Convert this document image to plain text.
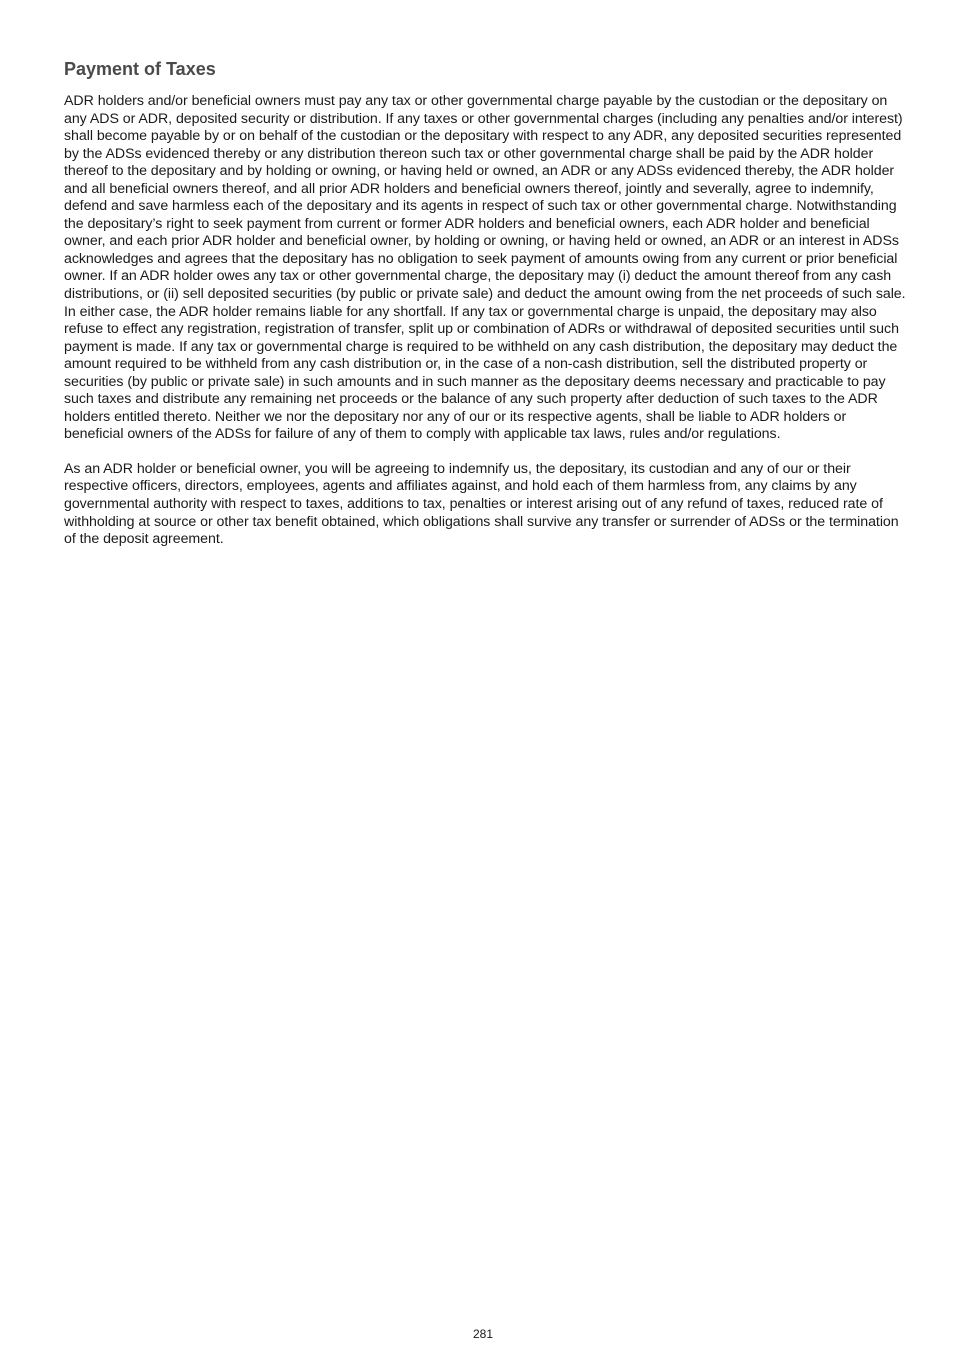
Payment of Taxes

ADR holders and/or beneficial owners must pay any tax or other governmental charge payable by the custodian or the depositary on any ADS or ADR, deposited security or distribution. If any taxes or other governmental charges (including any penalties and/or interest) shall become payable by or on behalf of the custodian or the depositary with respect to any ADR, any deposited securities represented by the ADSs evidenced thereby or any distribution thereon such tax or other governmental charge shall be paid by the ADR holder thereof to the depositary and by holding or owning, or having held or owned, an ADR or any ADSs evidenced thereby, the ADR holder and all beneficial owners thereof, and all prior ADR holders and beneficial owners thereof, jointly and severally, agree to indemnify, defend and save harmless each of the depositary and its agents in respect of such tax or other governmental charge. Notwithstanding the depositary’s right to seek payment from current or former ADR holders and beneficial owners, each ADR holder and beneficial owner, and each prior ADR holder and beneficial owner, by holding or owning, or having held or owned, an ADR or an interest in ADSs acknowledges and agrees that the depositary has no obligation to seek payment of amounts owing from any current or prior beneficial owner. If an ADR holder owes any tax or other governmental charge, the depositary may (i) deduct the amount thereof from any cash distributions, or (ii) sell deposited securities (by public or private sale) and deduct the amount owing from the net proceeds of such sale. In either case, the ADR holder remains liable for any shortfall. If any tax or governmental charge is unpaid, the depositary may also refuse to effect any registration, registration of transfer, split up or combination of ADRs or withdrawal of deposited securities until such payment is made. If any tax or governmental charge is required to be withheld on any cash distribution, the depositary may deduct the amount required to be withheld from any cash distribution or, in the case of a non-cash distribution, sell the distributed property or securities (by public or private sale) in such amounts and in such manner as the depositary deems necessary and practicable to pay such taxes and distribute any remaining net proceeds or the balance of any such property after deduction of such taxes to the ADR holders entitled thereto. Neither we nor the depositary nor any of our or its respective agents, shall be liable to ADR holders or beneficial owners of the ADSs for failure of any of them to comply with applicable tax laws, rules and/or regulations.

As an ADR holder or beneficial owner, you will be agreeing to indemnify us, the depositary, its custodian and any of our or their respective officers, directors, employees, agents and affiliates against, and hold each of them harmless from, any claims by any governmental authority with respect to taxes, additions to tax, penalties or interest arising out of any refund of taxes, reduced rate of withholding at source or other tax benefit obtained, which obligations shall survive any transfer or surrender of ADSs or the termination of the deposit agreement.

281
